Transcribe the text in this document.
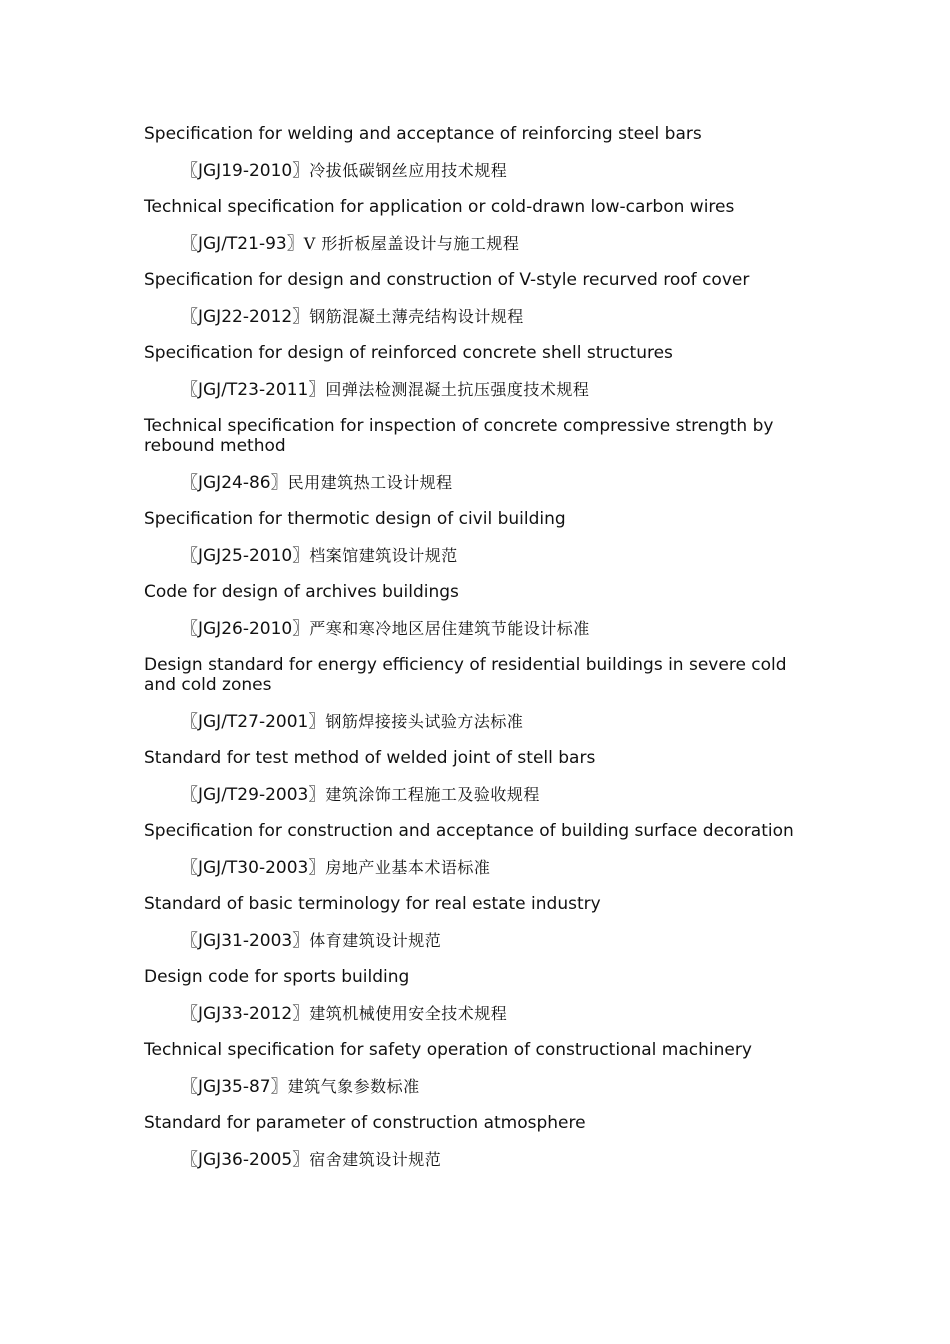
Specification for welding and acceptance of reinforcing steel bars

〖JGJ19-2010〗冷拔低碳钢丝应用技术规程

Technical specification for application or cold-drawn low-carbon wires

〖JGJ/T21-93〗V 形折板屋盖设计与施工规程

Specification for design and construction of V-style recurved roof cover

〖JGJ22-2012〗钢筋混凝土薄壳结构设计规程

Specification for design of reinforced concrete shell structures

〖JGJ/T23-2011〗回弹法检测混凝土抗压强度技术规程

Technical specification for inspection of concrete compressive strength by rebound method

〖JGJ24-86〗民用建筑热工设计规程

Specification for thermotic design of civil building

〖JGJ25-2010〗档案馆建筑设计规范

Code for design of archives buildings

〖JGJ26-2010〗严寒和寒冷地区居住建筑节能设计标准

Design standard for energy efficiency of residential buildings in severe cold and cold zones

〖JGJ/T27-2001〗钢筋焊接接头试验方法标准

Standard for test method of welded joint of stell bars

〖JGJ/T29-2003〗建筑涂饰工程施工及验收规程

Specification for construction and acceptance of building surface decoration

〖JGJ/T30-2003〗房地产业基本术语标准

Standard of basic terminology for real estate industry

〖JGJ31-2003〗体育建筑设计规范

Design code for sports building

〖JGJ33-2012〗建筑机械使用安全技术规程

Technical specification for safety operation of constructional machinery

〖JGJ35-87〗建筑气象参数标准

Standard for parameter of construction atmosphere

〖JGJ36-2005〗宿舍建筑设计规范
